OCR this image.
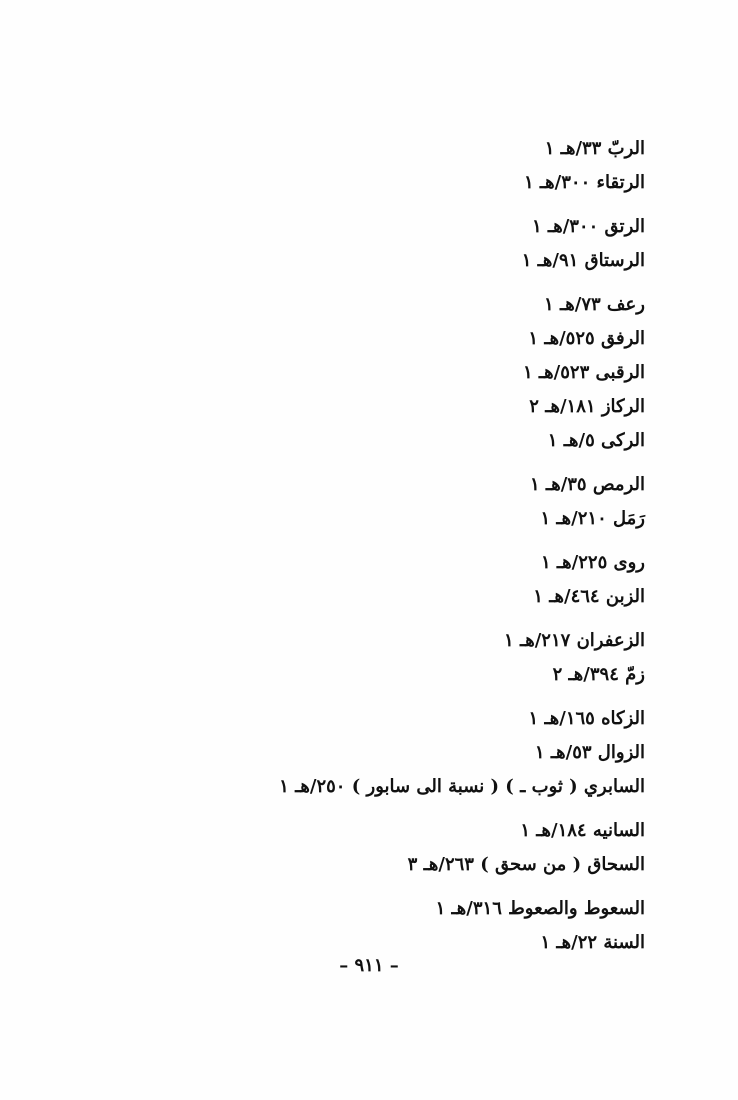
الربّ ٣٣/هـ ١
الرتقاء ٣٠٠/هـ ١
الرتق ٣٠٠/هـ ١
الرستاق ٩١/هـ ١
رعف ٧٣/هـ ١
الرفق ٥٢٥/هـ ١
الرقبى ٥٢٣/هـ ١
الركاز ١٨١/هـ ٢
الركى ٥/هـ ١
الرمص ٣٥/هـ ١
رَمَل ٢١٠/هـ ١
روى ٢٢٥/هـ ١
الزبن ٤٦٤/هـ ١
الزعفران ٢١٧/هـ ١
زمّ ٣٩٤/هـ ٢
الزكاه ١٦٥/هـ ١
الزوال ٥٣/هـ ١
السابري ( ثوب ـ ) ( نسبة الى سابور ) ٢٥٠/هـ ١
السانيه ١٨٤/هـ ١
السحاق ( من سحق ) ٢٦٣/هـ ٣
السعوط والصعوط ٣١٦/هـ ١
السنة ٢٢/هـ ١
– ٩١١ –
